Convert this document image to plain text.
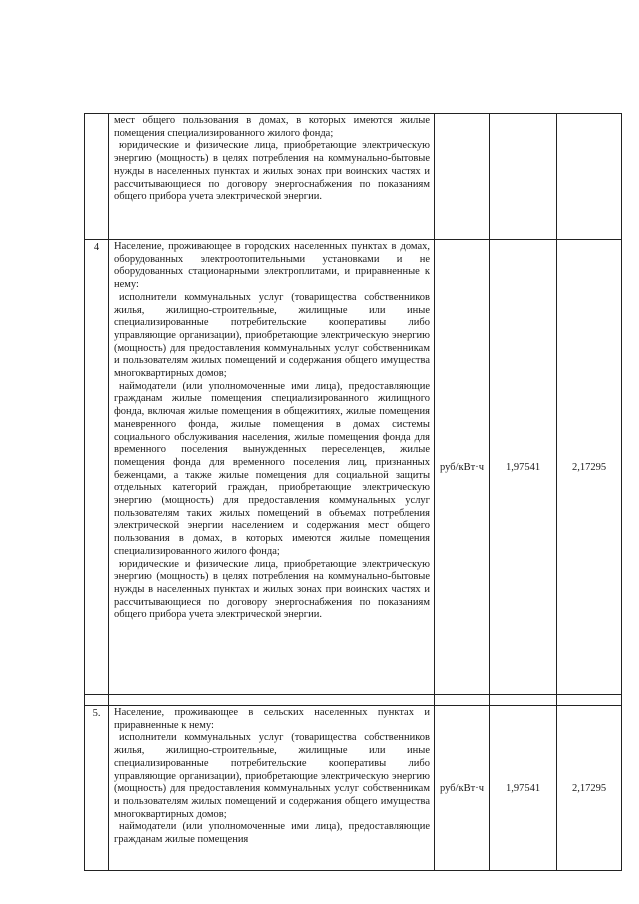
	мест общего пользования в домах, в которых имеются жилые помещения специализированного жилого фонда;

юридические и физические лица, приобретающие электрическую энергию (мощность) в целях потребления на коммунально-бытовые нужды в населенных пунктах и жилых зонах при воинских частях и рассчитывающиеся по договору энергоснабжения по показаниям общего прибора учета электрической энергии.			

4	Население, проживающее в городских населенных пунктах в домах, оборудованных электроотопительными установками и не оборудованных стационарными электроплитами, и приравненные к нему:

исполнители коммунальных услуг (товарищества собственников жилья, жилищно-строительные, жилищные или иные специализированные потребительские кооперативы либо управляющие организации), приобретающие электрическую энергию (мощность) для предоставления коммунальных услуг собственникам и пользователям жилых помещений и содержания общего имущества многоквартирных домов;

наймодатели (или уполномоченные ими лица), предоставляющие гражданам жилые помещения специализированного жилищного фонда, включая жилые помещения в общежитиях, жилые помещения маневренного фонда, жилые помещения в домах системы социального обслуживания населения, жилые помещения фонда для временного поселения вынужденных переселенцев, жилые помещения фонда для временного поселения лиц, признанных беженцами, а также жилые помещения для социальной защиты отдельных категорий граждан, приобретающие электрическую энергию (мощность) для предоставления коммунальных услуг пользователям таких жилых помещений в объемах потребления электрической энергии населением и содержания мест общего пользования в домах, в которых имеются жилые помещения специализированного жилого фонда;

юридические и физические лица, приобретающие электрическую энергию (мощность) в целях потребления на коммунально-бытовые нужды в населенных пунктах и жилых зонах при воинских частях и рассчитывающиеся по договору энергоснабжения по показаниям общего прибора учета электрической энергии.	руб/кВт·ч	1,97541	2,17295

5.	Население, проживающее в сельских населенных пунктах и приравненные к нему:

исполнители коммунальных услуг (товарищества собственников жилья, жилищно-строительные, жилищные или иные специализированные потребительские кооперативы либо управляющие организации), приобретающие электрическую энергию (мощность) для предоставления коммунальных услуг собственникам и пользователям жилых помещений и содержания общего имущества многоквартирных домов;

наймодатели (или уполномоченные ими лица), предоставляющие гражданам жилые помещения	руб/кВт·ч	1,97541	2,17295
